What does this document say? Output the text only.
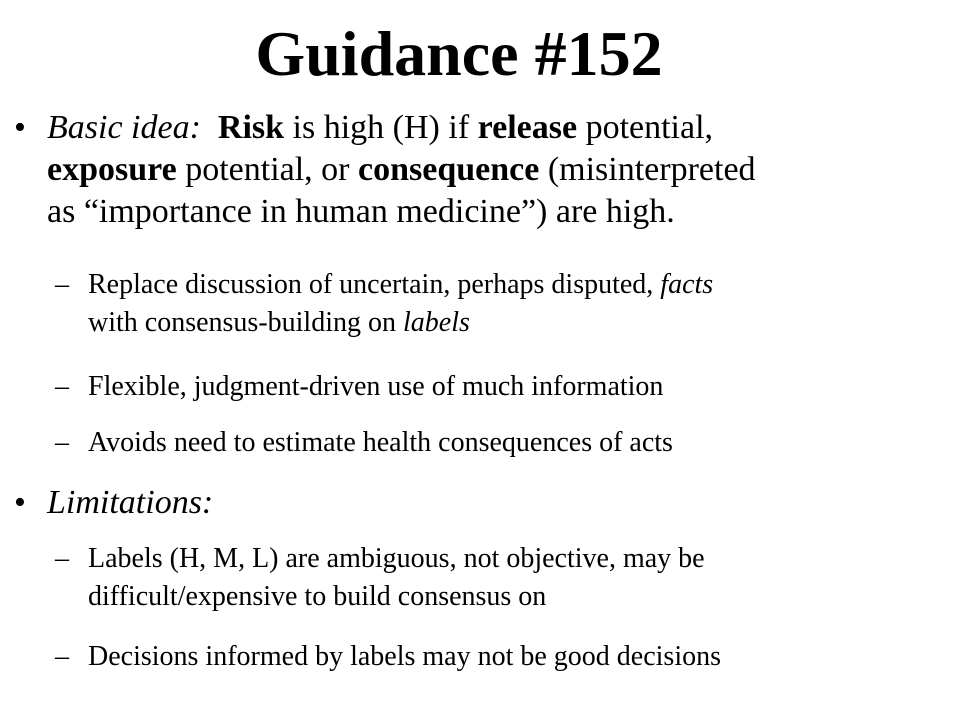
Guidance #152
• Basic idea: Risk is high (H) if release potential,
exposure potential, or consequence (misinterpreted
as “importance in human medicine”) are high.
– Replace discussion of uncertain, perhaps disputed, facts
with consensus-building on labels
– Flexible, judgment-driven use of much information
– Avoids need to estimate health consequences of acts
• Limitations:
– Labels (H, M, L) are ambiguous, not objective, may be
difficult/expensive to build consensus on
– Decisions informed by labels may not be good decisions
